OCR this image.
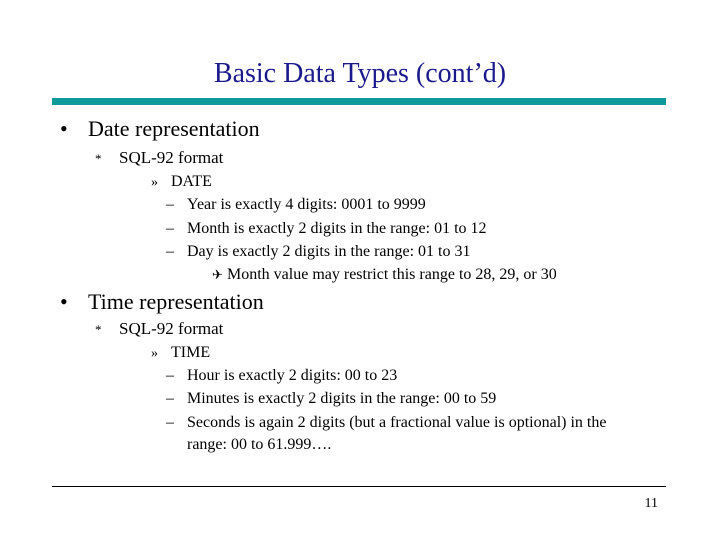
Basic Data Types (cont’d)
• Date representation
* SQL-92 format
» DATE
– Year is exactly 4 digits: 0001 to 9999
– Month is exactly 2 digits in the range: 01 to 12
– Day is exactly 2 digits in the range: 01 to 31
✈ Month value may restrict this range to 28, 29, or 30
• Time representation
* SQL-92 format
» TIME
– Hour is exactly 2 digits: 00 to 23
– Minutes is exactly 2 digits in the range: 00 to 59
– Seconds is again 2 digits (but a fractional value is optional) in the
range: 00 to 61.999….
11
